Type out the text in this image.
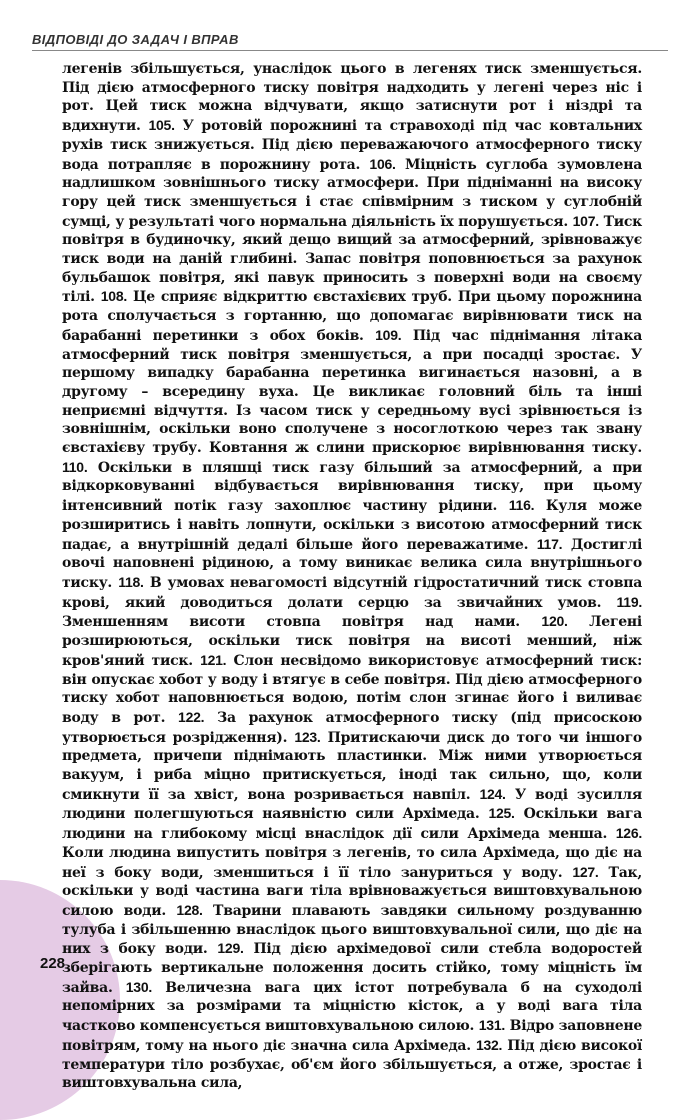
ВІДПОВІДІ ДО ЗАДАЧ І ВПРАВ

легенів збільшується, унаслідок цього в легенях тиск зменшується. Під дією атмосферного тиску повітря надходить у легені через ніс і рот. Цей тиск можна відчувати, якщо затиснути рот і ніздрі та вдихнути. 105. У ротовій порожнині та стравоході під час ковтальних рухів тиск знижується. Під дією переважаючого атмосферного тиску вода потрапляє в порожнину рота. 106. Міцність суглоба зумовлена надлишком зовнішнього тиску атмосфери. При підніманні на високу гору цей тиск зменшується і стає співмірним з тиском у суглобній сумці, у результаті чого нормальна діяльність їх порушується. 107. Тиск повітря в будиночку, який дещо вищий за атмосферний, зрівноважує тиск води на даній глибині. Запас повітря поповнюється за рахунок бульбашок повітря, які павук приносить з поверхні води на своєму тілі. 108. Це сприяє відкриттю євстахієвих труб. При цьому порожнина рота сполучається з гортанню, що допомагає вирівнювати тиск на барабанні перетинки з обох боків. 109. Під час піднімання літака атмосферний тиск повітря зменшується, а при посадці зростає. У першому випадку барабанна перетинка вигинається назовні, а в другому – всередину вуха. Це викликає головний біль та інші неприємні відчуття. Із часом тиск у середньому вусі зрівнюється із зовнішнім, оскільки воно сполучене з носоглоткою через так звану євстахієву трубу. Ковтання ж слини прискорює вирівнювання тиску. 110. Оскільки в пляшці тиск газу більший за атмосферний, а при відкорковуванні відбувається вирівнювання тиску, при цьому інтенсивний потік газу захоплює частину рідини. 116. Куля може розширитись і навіть лопнути, оскільки з висотою атмосферний тиск падає, а внутрішній дедалі більше його переважатиме. 117. Достиглі овочі наповнені рідиною, а тому виникає велика сила внутрішнього тиску. 118. В умовах невагомості відсутній гідростатичний тиск стовпа крові, який доводиться долати серцю за звичайних умов. 119. Зменшенням висоти стовпа повітря над нами. 120. Легені розширюються, оскільки тиск повітря на висоті менший, ніж кров'яний тиск. 121. Слон несвідомо використовує атмосферний тиск: він опускає хобот у воду і втягує в себе повітря. Під дією атмосферного тиску хобот наповнюється водою, потім слон згинає його і виливає воду в рот. 122. За рахунок атмосферного тиску (під присоскою утворюється розрідження). 123. Притискаючи диск до того чи іншого предмета, причепи піднімають пластинки. Між ними утворюється вакуум, і риба міцно притискується, іноді так сильно, що, коли смикнути її за хвіст, вона розривається навпіл. 124. У воді зусилля людини полегшуються наявністю сили Архімеда. 125. Оскільки вага людини на глибокому місці внаслідок дії сили Архімеда менша. 126. Коли людина випустить повітря з легенів, то сила Архімеда, що діє на неї з боку води, зменшиться і її тіло зануриться у воду. 127. Так, оскільки у воді частина ваги тіла врівноважується виштовхувальною силою води. 128. Тварини плавають завдяки сильному роздуванню тулуба і збільшенню внаслідок цього виштовхувальної сили, що діє на них з боку води. 129. Під дією архімедової сили стебла водоростей зберігають вертикальне положення досить стійко, тому міцність їм зайва. 130. Величезна вага цих істот потребувала б на суходолі непомірних за розмірами та міцністю кісток, а у воді вага тіла частково компенсується виштовхувальною силою. 131. Відро заповнене повітрям, тому на нього діє значна сила Архімеда. 132. Під дією високої температури тіло розбухає, об'єм його збільшується, а отже, зростає і виштовхувальна сила,

228
